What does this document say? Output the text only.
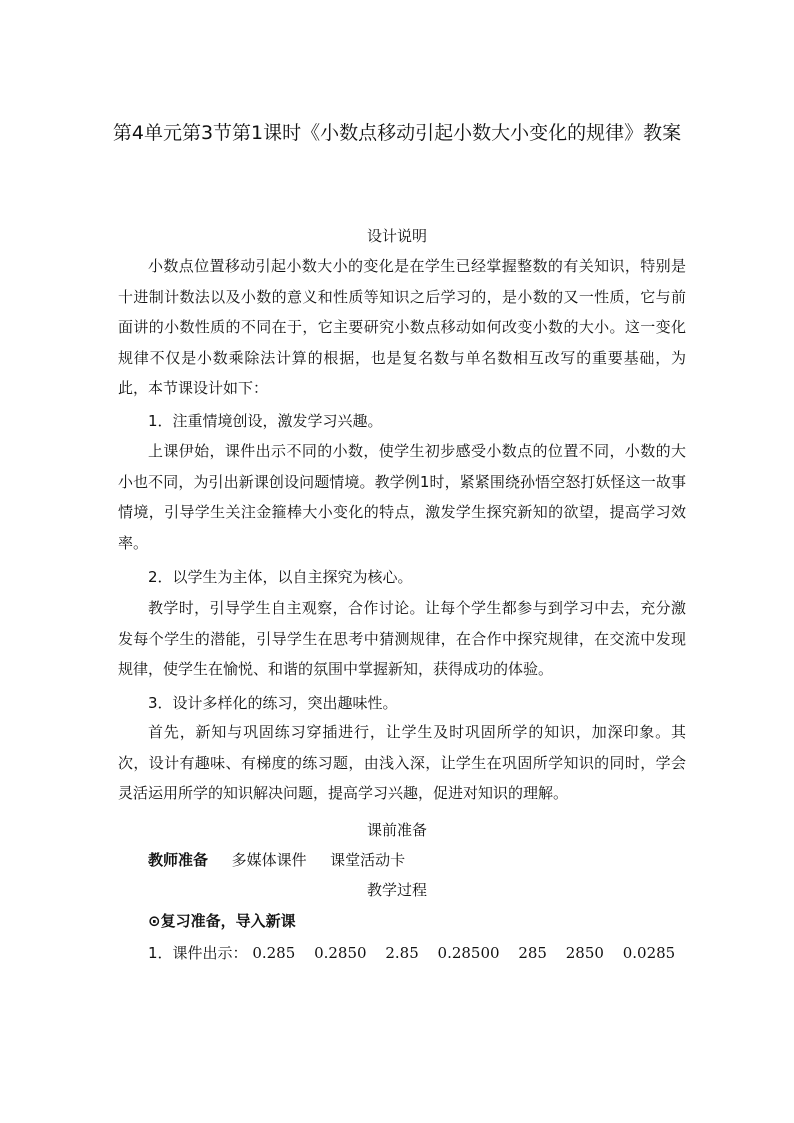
第4单元第3节第1课时《小数点移动引起小数大小变化的规律》教案
设计说明
小数点位置移动引起小数大小的变化是在学生已经掌握整数的有关知识，特别是十进制计数法以及小数的意义和性质等知识之后学习的，是小数的又一性质，它与前面讲的小数性质的不同在于，它主要研究小数点移动如何改变小数的大小。这一变化规律不仅是小数乘除法计算的根据，也是复名数与单名数相互改写的重要基础，为此，本节课设计如下：
1．注重情境创设，激发学习兴趣。
上课伊始，课件出示不同的小数，使学生初步感受小数点的位置不同，小数的大小也不同，为引出新课创设问题情境。教学例1时，紧紧围绕孙悟空怒打妖怪这一故事情境，引导学生关注金箍棒大小变化的特点，激发学生探究新知的欲望，提高学习效率。
2．以学生为主体，以自主探究为核心。
教学时，引导学生自主观察，合作讨论。让每个学生都参与到学习中去，充分激发每个学生的潜能，引导学生在思考中猜测规律，在合作中探究规律，在交流中发现规律，使学生在愉悦、和谐的氛围中掌握新知，获得成功的体验。
3．设计多样化的练习，突出趣味性。
首先，新知与巩固练习穿插进行，让学生及时巩固所学的知识，加深印象。其次，设计有趣味、有梯度的练习题，由浅入深，让学生在巩固所学知识的同时，学会灵活运用所学的知识解决问题，提高学习兴趣，促进对知识的理解。
课前准备
教师准备 多媒体课件 课堂活动卡
教学过程
⊙复习准备，导入新课
1．课件出示： 0.285 0.2850 2.85 0.28500 285 2850 0.0285
